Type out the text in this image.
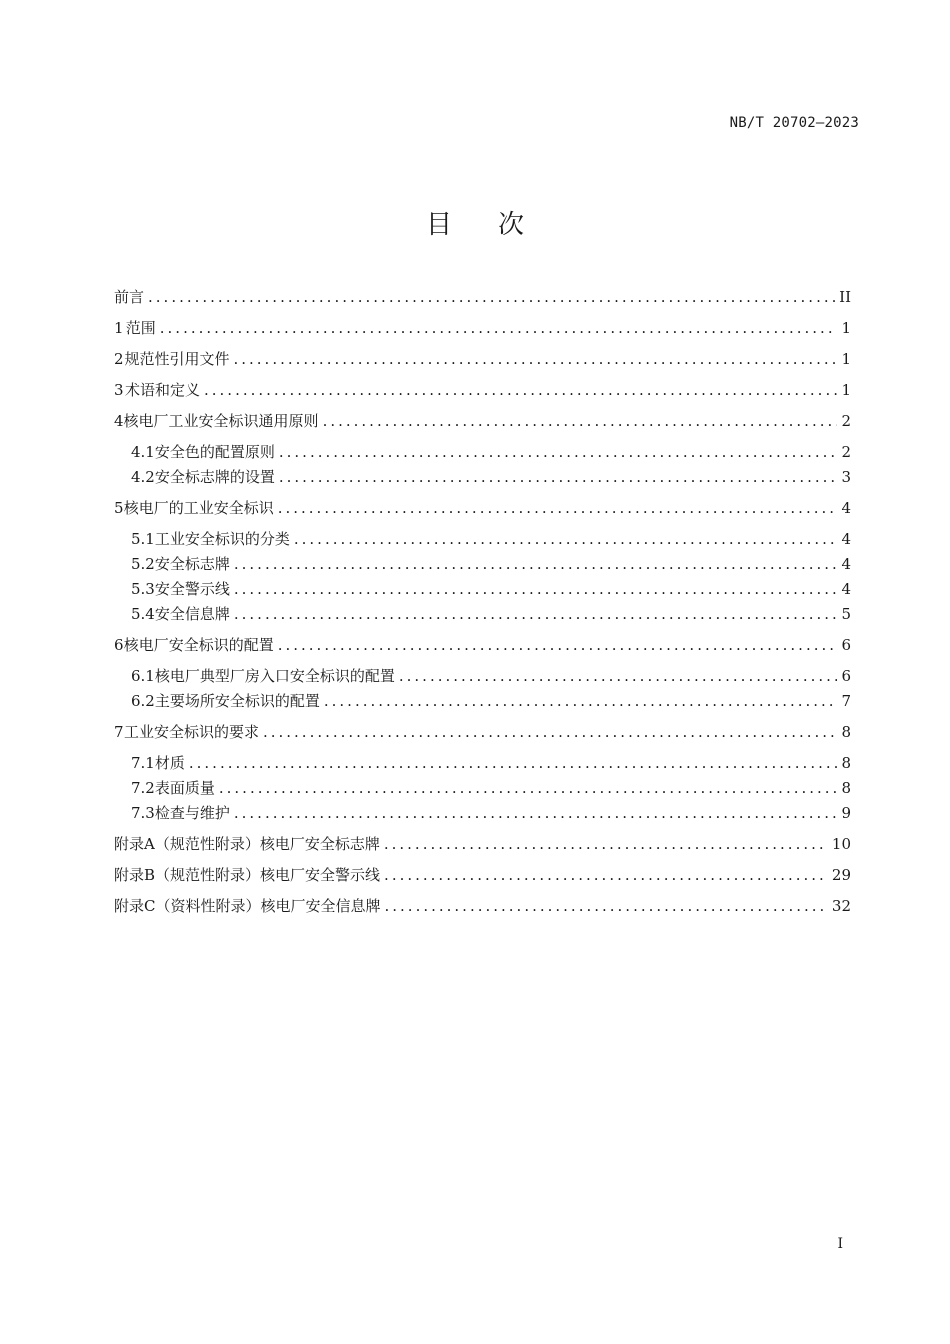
NB/T 20702—2023
目 次
前言 .....	II
1 范围 .....	1
2 规范性引用文件 .....	1
3 术语和定义 .....	1
4 核电厂工业安全标识通用原则 .....	2
4.1 安全色的配置原则 .....	2
4.2 安全标志牌的设置 .....	3
5 核电厂的工业安全标识 .....	4
5.1 工业安全标识的分类 .....	4
5.2 安全标志牌 .....	4
5.3 安全警示线 .....	4
5.4 安全信息牌 .....	5
6 核电厂安全标识的配置 .....	6
6.1 核电厂典型厂房入口安全标识的配置 .....	6
6.2 主要场所安全标识的配置 .....	7
7 工业安全标识的要求 .....	8
7.1 材质 .....	8
7.2 表面质量 .....	8
7.3 检查与维护 .....	9
附录A（规范性附录） 核电厂安全标志牌 .....	10
附录B（规范性附录） 核电厂安全警示线 .....	29
附录C（资料性附录） 核电厂安全信息牌 .....	32
I
